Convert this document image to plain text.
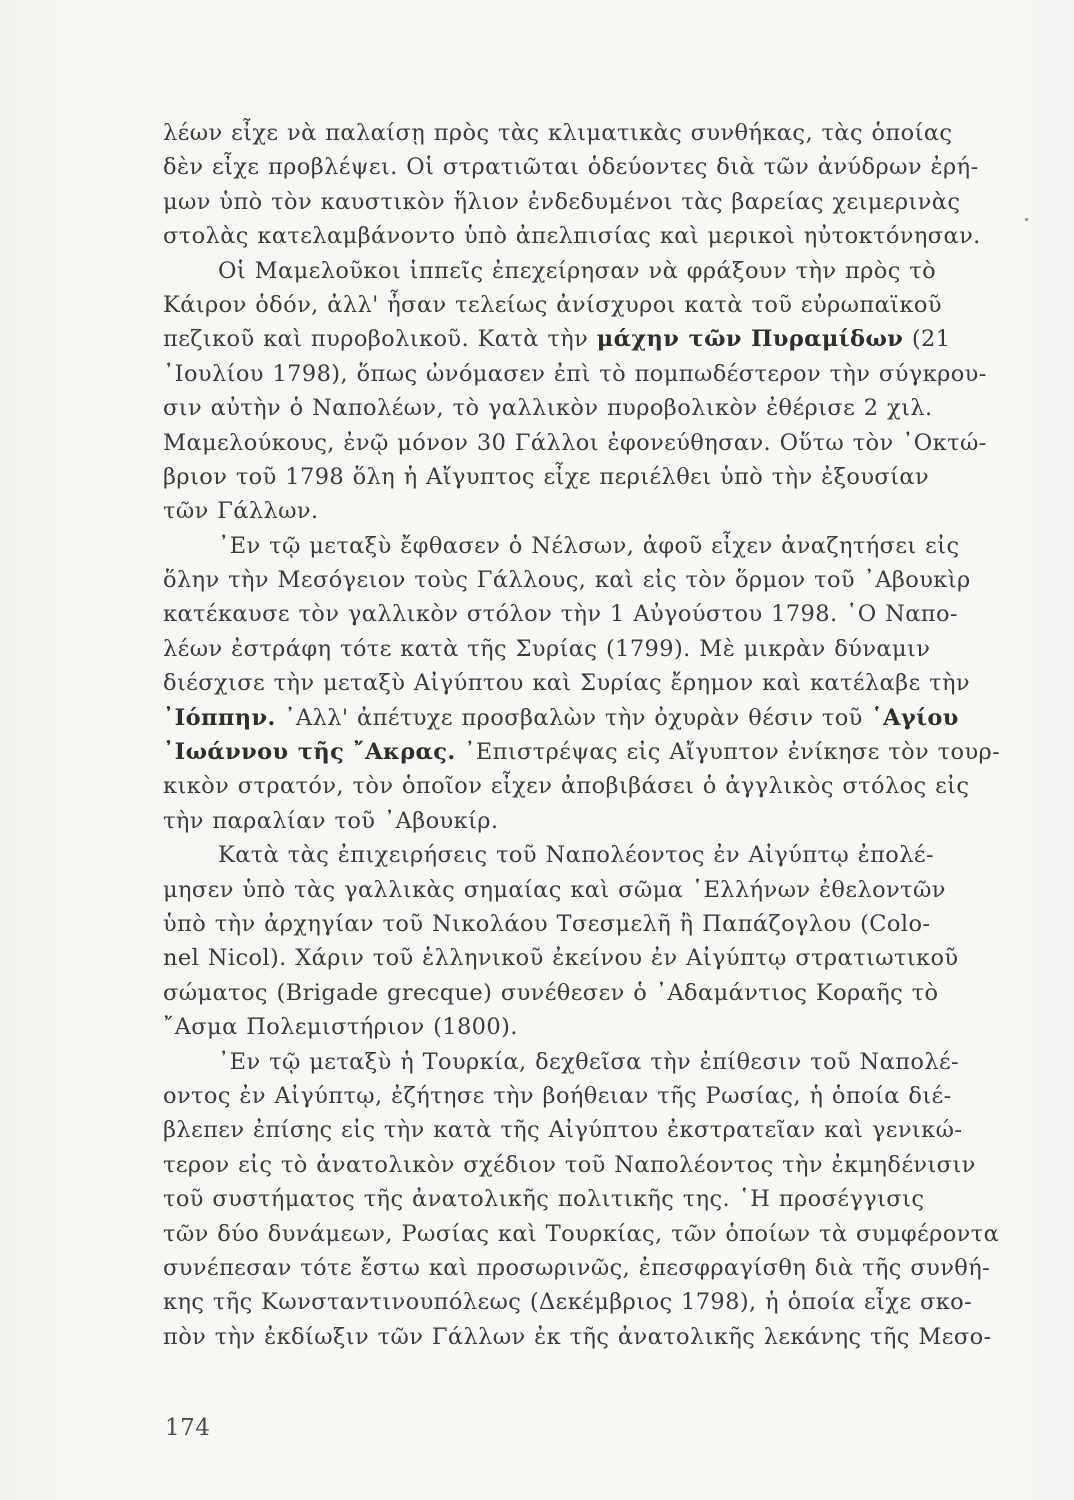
λέων εἶχε νὰ παλαίσῃ πρὸς τὰς κλιματικὰς συνθήκας, τὰς ὁποίας
δὲν εἶχε προβλέψει. Οἱ στρατιῶται ὁδεύοντες διὰ τῶν ἀνύδρων ἐρή-
μων ὑπὸ τὸν καυστικὸν ἥλιον ἐνδεδυμένοι τὰς βαρείας χειμερινὰς
στολὰς κατελαμβάνοντο ὑπὸ ἀπελπισίας καὶ μερικοὶ ηὐτοκτόνησαν.
Οἱ Μαμελοῦκοι ἱππεῖς ἐπεχείρησαν νὰ φράξουν τὴν πρὸς τὸ
Κάιρον ὁδόν, ἀλλ' ἦσαν τελείως ἀνίσχυροι κατὰ τοῦ εὐρωπαϊκοῦ
πεζικοῦ καὶ πυροβολικοῦ. Κατὰ τὴν μάχην τῶν Πυραμίδων (21
᾿Ιουλίου 1798), ὅπως ὠνόμασεν ἐπὶ τὸ πομπωδέστερον τὴν σύγκρου-
σιν αὐτὴν ὁ Ναπολέων, τὸ γαλλικὸν πυροβολικὸν ἐθέρισε 2 χιλ.
Μαμελούκους, ἐνῷ μόνον 30 Γάλλοι ἐφονεύθησαν. Οὕτω τὸν ᾿Οκτώ-
βριον τοῦ 1798 ὅλη ἡ Αἴγυπτος εἶχε περιέλθει ὑπὸ τὴν ἐξουσίαν
τῶν Γάλλων.
᾿Εν τῷ μεταξὺ ἔφθασεν ὁ Νέλσων, ἀφοῦ εἶχεν ἀναζητήσει εἰς
ὅλην τὴν Μεσόγειον τοὺς Γάλλους, καὶ εἰς τὸν ὅρμον τοῦ ᾿Αβουκὶρ
κατέκαυσε τὸν γαλλικὸν στόλον τὴν 1 Αὐγούστου 1798. ῾Ο Ναπο-
λέων ἐστράφη τότε κατὰ τῆς Συρίας (1799). Μὲ μικρὰν δύναμιν
διέσχισε τὴν μεταξὺ Αἰγύπτου καὶ Συρίας ἔρημον καὶ κατέλαβε τὴν
᾿Ιόππην. ᾿Αλλ' ἀπέτυχε προσβαλὼν τὴν ὀχυρὰν θέσιν τοῦ ῾Αγίου
᾿Ιωάννου τῆς ῎Ακρας. ᾿Επιστρέψας εἰς Αἴγυπτον ἐνίκησε τὸν τουρ-
κικὸν στρατόν, τὸν ὁποῖον εἶχεν ἀποβιβάσει ὁ ἀγγλικὸς στόλος εἰς
τὴν παραλίαν τοῦ ᾿Αβουκίρ.
Κατὰ τὰς ἐπιχειρήσεις τοῦ Ναπολέοντος ἐν Αἰγύπτῳ ἐπολέ-
μησεν ὑπὸ τὰς γαλλικὰς σημαίας καὶ σῶμα ῾Ελλήνων ἐθελοντῶν
ὑπὸ τὴν ἀρχηγίαν τοῦ Νικολάου Τσεσμελῆ ἢ Παπάζογλου (Colo-
nel Nicol). Χάριν τοῦ ἑλληνικοῦ ἐκείνου ἐν Αἰγύπτῳ στρατιωτικοῦ
σώματος (Brigade grecque) συνέθεσεν ὁ ᾿Αδαμάντιος Κοραῆς τὸ
῎Ασμα Πολεμιστήριον (1800).
᾿Εν τῷ μεταξὺ ἡ Τουρκία, δεχθεῖσα τὴν ἐπίθεσιν τοῦ Ναπολέ-
οντος ἐν Αἰγύπτῳ, ἐζήτησε τὴν βοήθειαν τῆς Ρωσίας, ἡ ὁποία διέ-
βλεπεν ἐπίσης εἰς τὴν κατὰ τῆς Αἰγύπτου ἐκστρατεῖαν καὶ γενικώ-
τερον εἰς τὸ ἀνατολικὸν σχέδιον τοῦ Ναπολέοντος τὴν ἐκμηδένισιν
τοῦ συστήματος τῆς ἀνατολικῆς πολιτικῆς της. ῾Η προσέγγισις
τῶν δύο δυνάμεων, Ρωσίας καὶ Τουρκίας, τῶν ὁποίων τὰ συμφέροντα
συνέπεσαν τότε ἔστω καὶ προσωρινῶς, ἐπεσφραγίσθη διὰ τῆς συνθή-
κης τῆς Κωνσταντινουπόλεως (Δεκέμβριος 1798), ἡ ὁποία εἶχε σκο-
πὸν τὴν ἐκδίωξιν τῶν Γάλλων ἐκ τῆς ἀνατολικῆς λεκάνης τῆς Μεσο-
174
